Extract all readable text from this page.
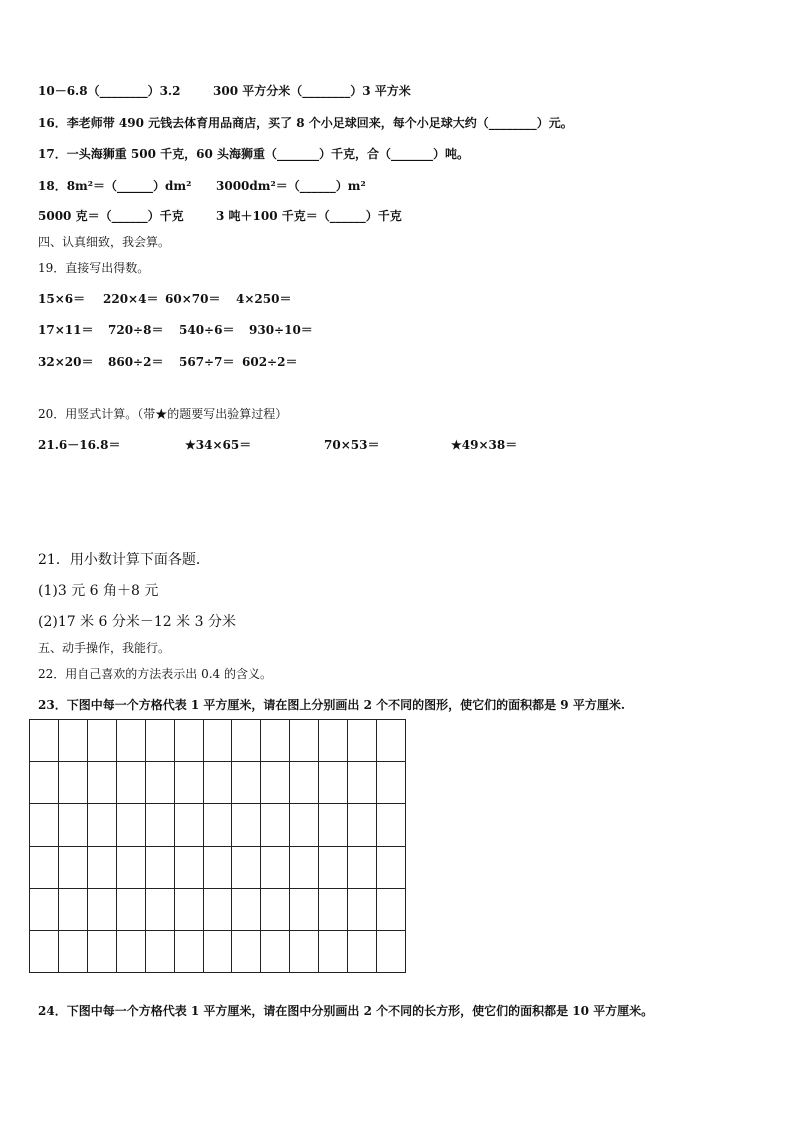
10－6.8（________）3.2	300 平方分米（________）3 平方米
16．李老师带 490 元钱去体育用品商店，买了 8 个小足球回来，每个小足球大约（________）元。
17．一头海狮重 500 千克，60 头海狮重（_______）千克，合（_______）吨。
18．8m²＝（______）dm² 3000dm²＝（______）m²
5000 克＝（______）千克	3 吨＋100 千克＝（______）千克
四、认真细致，我会算。
19．直接写出得数。
15×6＝ 220×4＝ 60×70＝ 4×250＝
17×11＝ 720÷8＝ 540÷6＝ 930÷10＝
32×20＝ 860÷2＝ 567÷7＝ 602÷2＝
20．用竖式计算。（带★的题要写出验算过程）
21.6－16.8＝	★34×65＝	70×53＝	★49×38＝
21．用小数计算下面各题．
(1)3 元 6 角＋8 元
(2)17 米 6 分米－12 米 3 分米
五、动手操作，我能行。
22．用自己喜欢的方法表示出 0.4 的含义。
23．下图中每一个方格代表 1 平方厘米，请在图上分别画出 2 个不同的图形，使它们的面积都是 9 平方厘米.
24．下图中每一个方格代表 1 平方厘米，请在图中分别画出 2 个不同的长方形，使它们的面积都是 10 平方厘米。
